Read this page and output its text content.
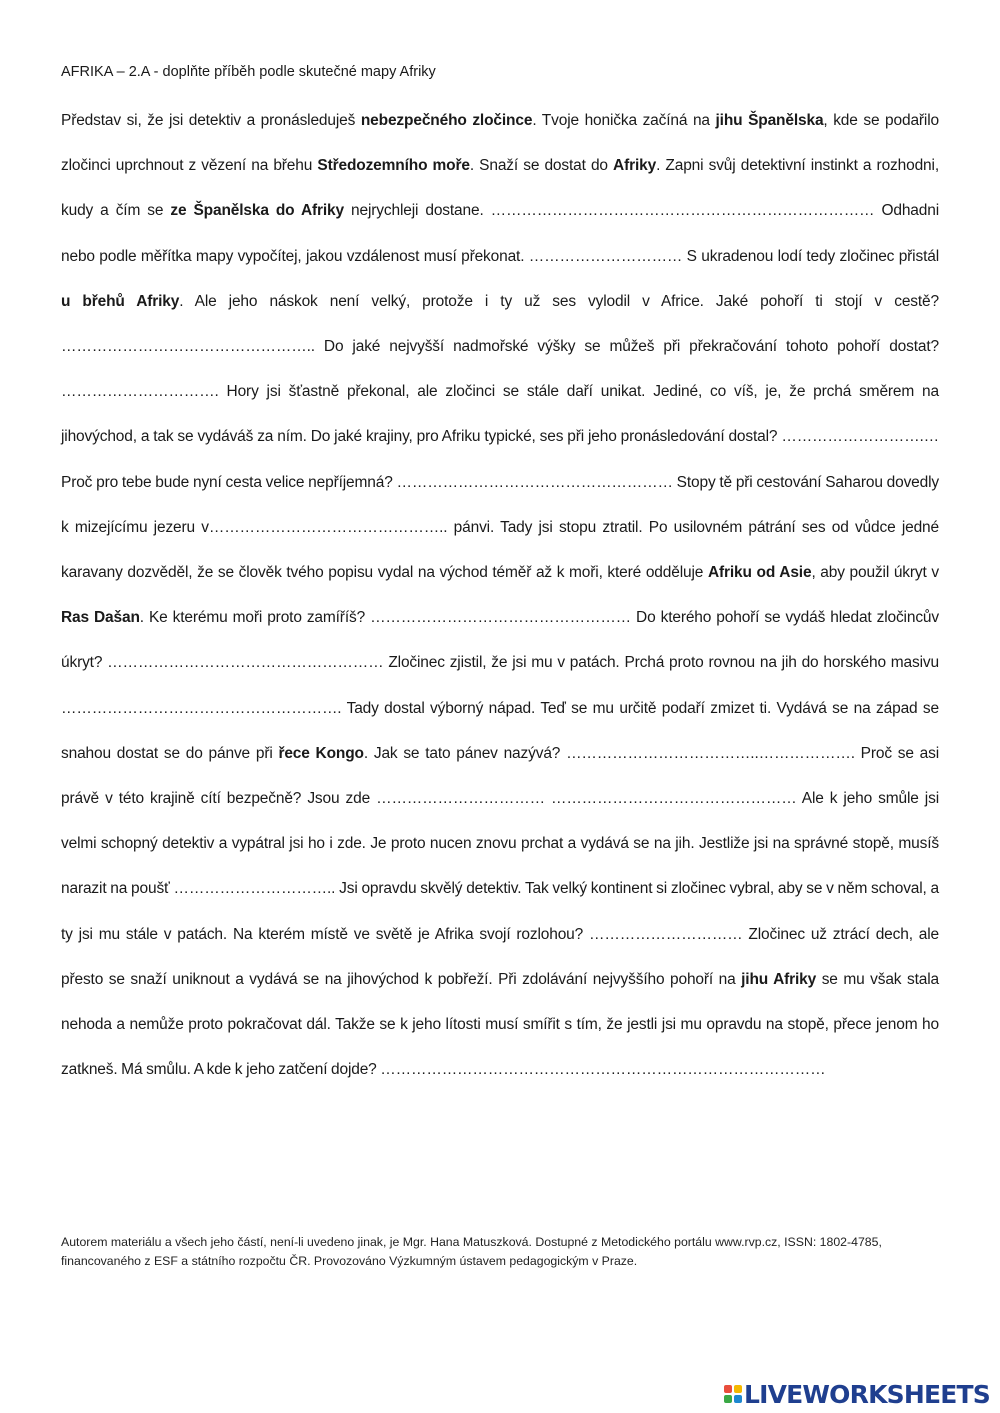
AFRIKA – 2.A - doplňte příběh podle skutečné mapy Afriky
Představ si, že jsi detektiv a pronásleduješ nebezpečného zločince. Tvoje honička začíná na jihu Španělska, kde se podařilo zločinci uprchnout z vězení na břehu Středozemního moře. Snaží se dostat do Afriky. Zapni svůj detektivní instinkt a rozhodni, kudy a čím se ze Španělska do Afriky nejrychleji dostane. ………………………………………………………………… Odhadni nebo podle měřítka mapy vypočítej, jakou vzdálenost musí překonat. ………………………… S ukradenou lodí tedy zločinec přistál u břehů Afriky. Ale jeho náskok není velký, protože i ty už ses vylodil v Africe. Jaké pohoří ti stojí v cestě? ………………………………………….. Do jaké nejvyšší nadmořské výšky se můžeš při překračování tohoto pohoří dostat? …………………………. Hory jsi šťastně překonal, ale zločinci se stále daří unikat. Jediné, co víš, je, že prchá směrem na jihovýchod, a tak se vydáváš za ním. Do jaké krajiny, pro Afriku typické, ses při jeho pronásledování dostal? ……………………….… Proč pro tebe bude nyní cesta velice nepříjemná? ……………………………………………… Stopy tě při cestování Saharou dovedly k mizejícímu jezeru v……………………………………….. pánvi. Tady jsi stopu ztratil. Po usilovném pátrání ses od vůdce jedné karavany dozvěděl, že se člověk tvého popisu vydal na východ téměř až k moři, které odděluje Afriku od Asie, aby použil úkryt v Ras Dašan. Ke kterému moři proto zamíříš? …………………………………………… Do kterého pohoří se vydáš hledat zločincův úkryt? ……………………………………………… Zločinec zjistil, že jsi mu v patách. Prchá proto rovnou na jih do horského masivu ………………………………………………. Tady dostal výborný nápad. Teď se mu určitě podaří zmizet ti. Vydává se na západ se snahou dostat se do pánve při řece Kongo. Jak se tato pánev nazývá? ………………………………..………………. Proč se asi právě v této krajině cítí bezpečně? Jsou zde …………………………… ………………………………………… Ale k jeho smůle jsi velmi schopný detektiv a vypátral jsi ho i zde. Je proto nucen znovu prchat a vydává se na jih. Jestliže jsi na správné stopě, musíš narazit na poušť ………………………….. Jsi opravdu skvělý detektiv. Tak velký kontinent si zločinec vybral, aby se v něm schoval, a ty jsi mu stále v patách. Na kterém místě ve světě je Afrika svojí rozlohou? ………………………… Zločinec už ztrácí dech, ale přesto se snaží uniknout a vydává se na jihovýchod k pobřeží. Při zdolávání nejvyššího pohoří na jihu Afriky se mu však stala nehoda a nemůže proto pokračovat dál. Takže se k jeho lítosti musí smířit s tím, že jestli jsi mu opravdu na stopě, přece jenom ho zatkneš. Má smůlu. A kde k jeho zatčení dojde? ……………………………………………………………………………
Autorem materiálu a všech jeho částí, není-li uvedeno jinak, je Mgr. Hana Matuszková. Dostupné z Metodického portálu www.rvp.cz, ISSN: 1802-4785, financovaného z ESF a státního rozpočtu ČR. Provozováno Výzkumným ústavem pedagogickým v Praze.
LIVEWORKSHEETS
